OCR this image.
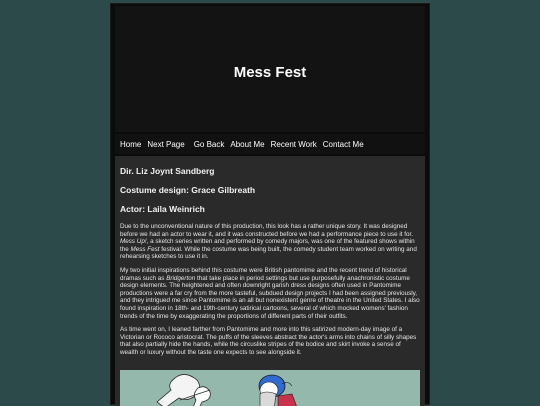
Mess Fest
Home Next Page Go Back About Me Recent Work Contact Me

Dir. Liz Joynt Sandberg

Costume design: Grace Gilbreath

Actor: Laila Weinrich

Due to the unconventional nature of this production, this look has a rather unique story. It was designed before we had an actor to wear it, and it was constructed before we had a performance piece to use it for. Mess Up!, a sketch series written and performed by comedy majors, was one of the featured shows within the Mess Fest festival. While the costume was being built, the comedy student team worked on writing and rehearsing sketches to use it in.

My two initial inspirations behind this costume were British pantomime and the recent trend of historical dramas such as Bridgerton that take place in period settings but use purposefully anachronistic costume design elements. The heightened and often downright garish dress designs often used in Pantomime productions were a far cry from the more tasteful, subdued design projects I had been assigned previously, and they intrigued me since Pantomime is an all but nonexistent genre of theatre in the United States. I also found inspiration in 18th- and 19th-century satirical cartoons, several of which mocked womens' fashion trends of the time by exaggerating the proportions of different parts of their outfits.

As time went on, I leaned farther from Pantomime and more into this satirized modern-day image of a Victorian or Rococo aristocrat. The puffs of the sleeves abstract the actor's arms into chains of silly shapes that also partially hide the hands, while the circuslike stripes of the bodice and skirt invoke a sense of wealth or luxury without the taste one expects to see alongside it.
